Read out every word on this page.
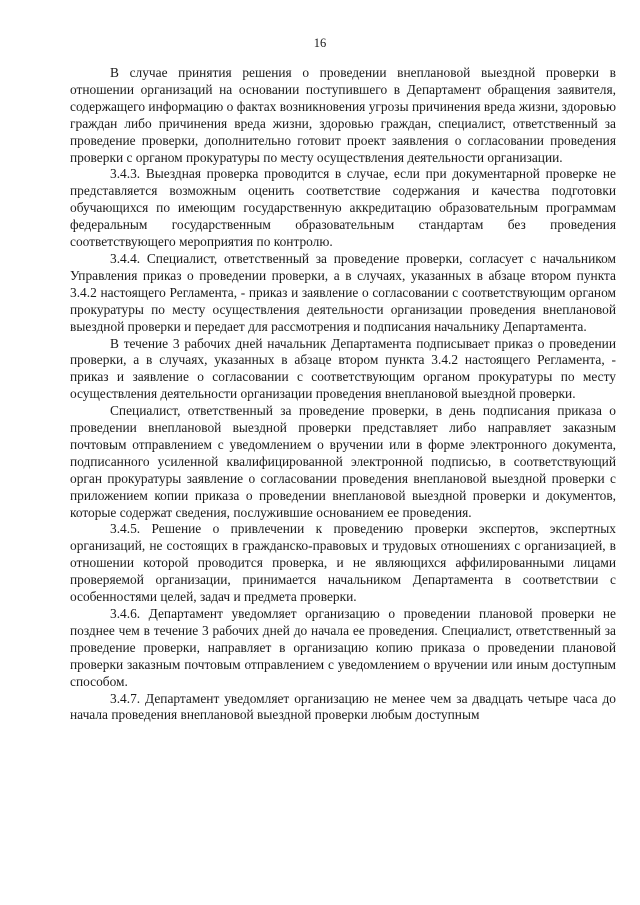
16

В случае принятия решения о проведении внеплановой выездной проверки в отношении организаций на основании поступившего в Департамент обращения заявителя, содержащего информацию о фактах возникновения угрозы причинения вреда жизни, здоровью граждан либо причинения вреда жизни, здоровью граждан, специалист, ответственный за проведение проверки, дополнительно готовит проект заявления о согласовании проведения проверки с органом прокуратуры по месту осуществления деятельности организации.

3.4.3. Выездная проверка проводится в случае, если при документарной проверке не представляется возможным оценить соответствие содержания и качества подготовки обучающихся по имеющим государственную аккредитацию образовательным программам федеральным государственным образовательным стандартам без проведения соответствующего мероприятия по контролю.

3.4.4. Специалист, ответственный за проведение проверки, согласует с начальником Управления приказ о проведении проверки, а в случаях, указанных в абзаце втором пункта 3.4.2 настоящего Регламента, - приказ и заявление о согласовании с соответствующим органом прокуратуры по месту осуществления деятельности организации проведения внеплановой выездной проверки и передает для рассмотрения и подписания начальнику Департамента.

В течение 3 рабочих дней начальник Департамента подписывает приказ о проведении проверки, а в случаях, указанных в абзаце втором пункта 3.4.2 настоящего Регламента, - приказ и заявление о согласовании с соответствующим органом прокуратуры по месту осуществления деятельности организации проведения внеплановой выездной проверки.

Специалист, ответственный за проведение проверки, в день подписания приказа о проведении внеплановой выездной проверки представляет либо направляет заказным почтовым отправлением с уведомлением о вручении или в форме электронного документа, подписанного усиленной квалифицированной электронной подписью, в соответствующий орган прокуратуры заявление о согласовании проведения внеплановой выездной проверки с приложением копии приказа о проведении внеплановой выездной проверки и документов, которые содержат сведения, послужившие основанием ее проведения.

3.4.5. Решение о привлечении к проведению проверки экспертов, экспертных организаций, не состоящих в гражданско-правовых и трудовых отношениях с организацией, в отношении которой проводится проверка, и не являющихся аффилированными лицами проверяемой организации, принимается начальником Департамента в соответствии с особенностями целей, задач и предмета проверки.

3.4.6. Департамент уведомляет организацию о проведении плановой проверки не позднее чем в течение 3 рабочих дней до начала ее проведения. Специалист, ответственный за проведение проверки, направляет в организацию копию приказа о проведении плановой проверки заказным почтовым отправлением с уведомлением о вручении или иным доступным способом.

3.4.7. Департамент уведомляет организацию не менее чем за двадцать четыре часа до начала проведения внеплановой выездной проверки любым доступным
